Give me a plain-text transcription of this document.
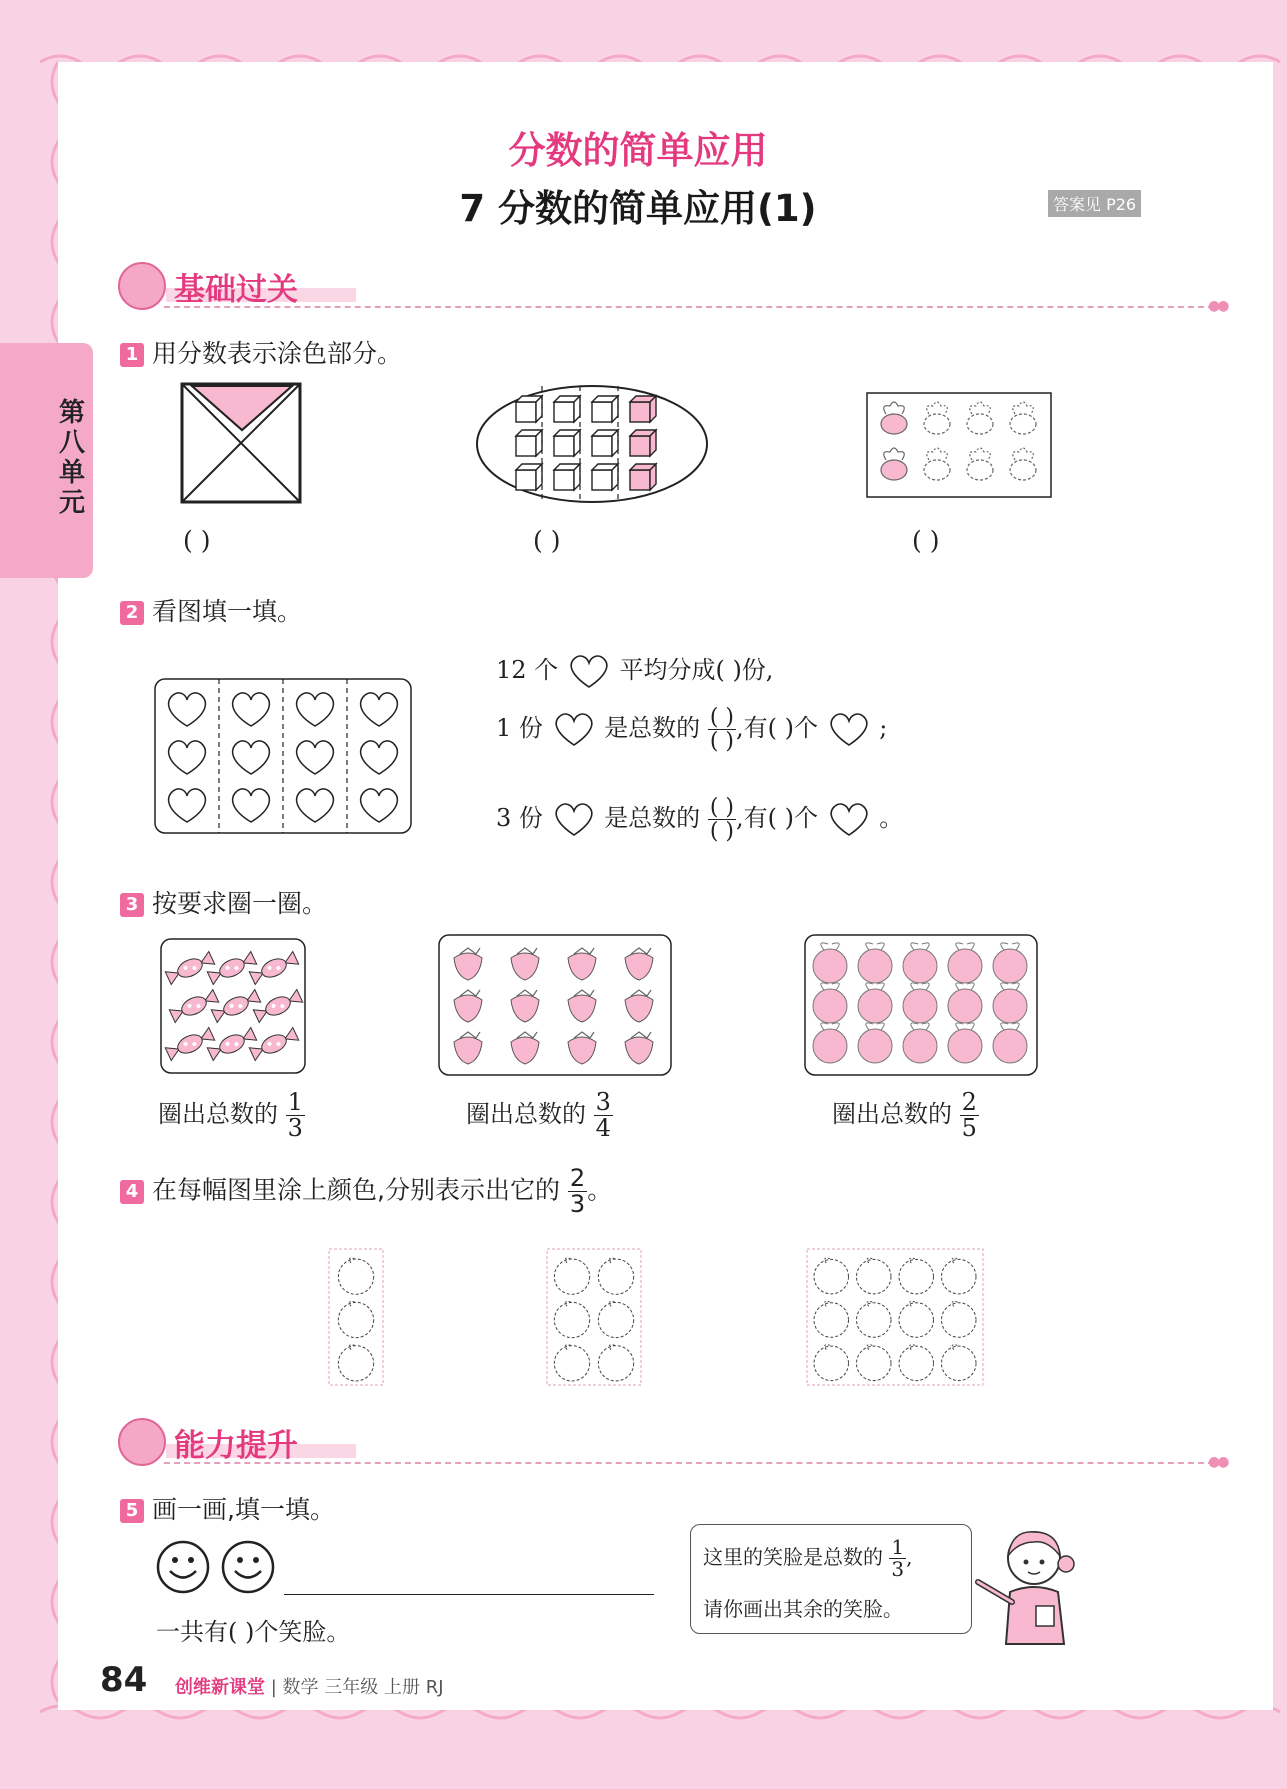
第八单元
分数的简单应用
7 分数的简单应用(1)	答案见 P26
基础过关	●●
1 用分数表示涂色部分。
( )	( )	( )
2 看图填一填。
12 个	平均分成( )份,
1 份	是总数的 $\frac{( )}{( )}$ ,有( )个	;
3 份	是总数的 $\frac{( )}{( )}$ ,有( )个	。
3 按要求圈一圈。
圈出总数的 $\frac{1}{3}$	圈出总数的 $\frac{3}{4}$	圈出总数的 $\frac{2}{5}$
4 在每幅图里涂上颜色,分别表示出它的 $\frac{2}{3}$ 。
能力提升	●●
5 画一画,填一填。
一共有( )个笑脸。
这里的笑脸是总数的 $\frac{1}{3}$ ,
请你画出其余的笑脸。
84 创维新课堂 | 数学 三年级 上册 RJ
